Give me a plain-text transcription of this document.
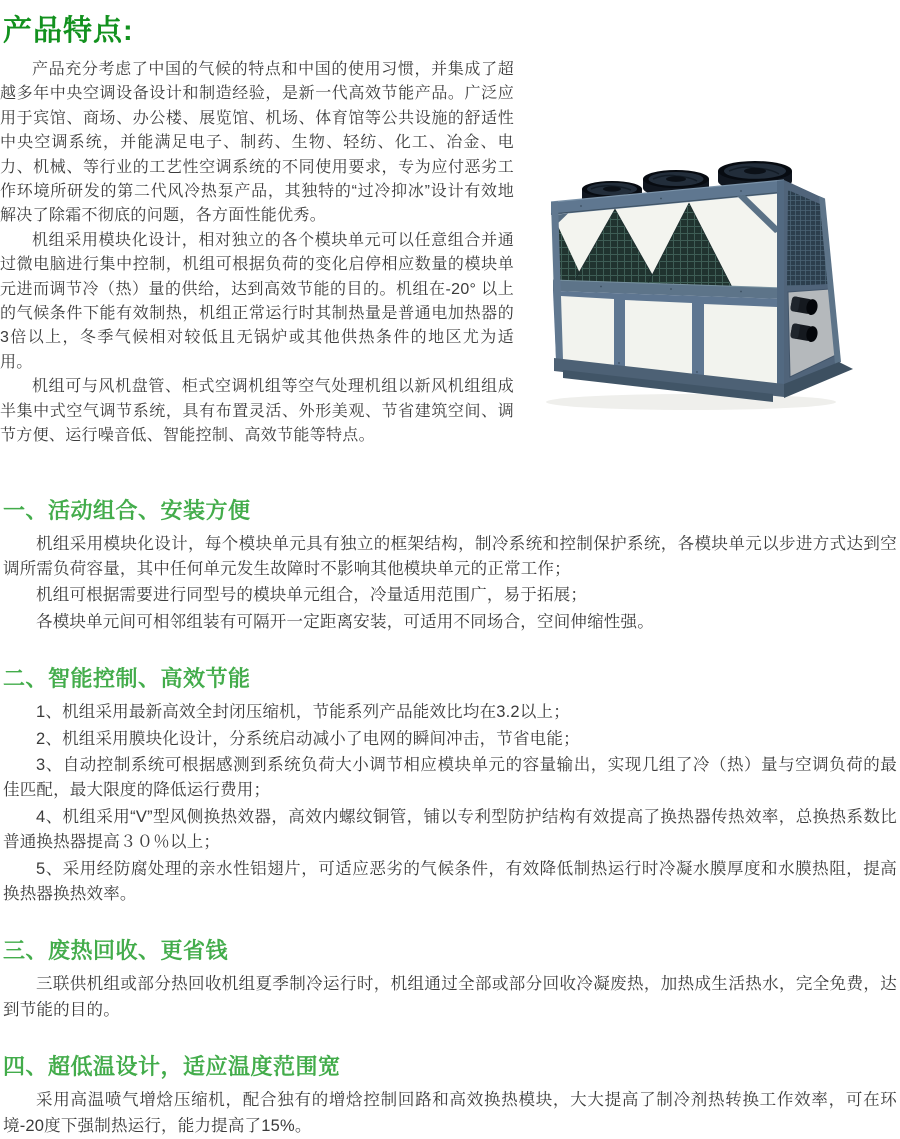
产品特点:

产品充分考虑了中国的气候的特点和中国的使用习惯，并集成了超越多年中央空调设备设计和制造经验，是新一代高效节能产品。广泛应用于宾馆、商场、办公楼、展览馆、机场、体育馆等公共设施的舒适性中央空调系统，并能满足电子、制药、生物、轻纺、化工、冶金、电力、机械、等行业的工艺性空调系统的不同使用要求，专为应付恶劣工作环境所研发的第二代风冷热泵产品，其独特的“过冷抑冰”设计有效地解决了除霜不彻底的问题，各方面性能优秀。

机组采用模块化设计，相对独立的各个模块单元可以任意组合并通过微电脑进行集中控制，机组可根据负荷的变化启停相应数量的模块单元进而调节冷（热）量的供给，达到高效节能的目的。机组在-20° 以上的气候条件下能有效制热，机组正常运行时其制热量是普通电加热器的3倍以上，冬季气候相对较低且无锅炉或其他供热条件的地区尤为适用。

机组可与风机盘管、柜式空调机组等空气处理机组以新风机组组成半集中式空气调节系统，具有布置灵活、外形美观、节省建筑空间、调节方便、运行噪音低、智能控制、高效节能等特点。

一、活动组合、安装方便

机组采用模块化设计，每个模块单元具有独立的框架结构，制冷系统和控制保护系统，各模块单元以步进方式达到空调所需负荷容量，其中任何单元发生故障时不影响其他模块单元的正常工作；

机组可根据需要进行同型号的模块单元组合，冷量适用范围广，易于拓展；

各模块单元间可相邻组装有可隔开一定距离安装，可适用不同场合，空间伸缩性强。

二、智能控制、高效节能

1、机组采用最新高效全封闭压缩机，节能系列产品能效比均在3.2以上；

2、机组采用膜块化设计，分系统启动减小了电网的瞬间冲击，节省电能；

3、自动控制系统可根据感测到系统负荷大小调节相应模块单元的容量输出，实现几组了冷（热）量与空调负荷的最佳匹配，最大限度的降低运行费用；

4、机组采用“V”型风侧换热效器，高效内螺纹铜管，铺以专利型防护结构有效提高了换热器传热效率，总换热系数比普通换热器提高３０％以上；

5、采用经防腐处理的亲水性铝翅片，可适应恶劣的气候条件，有效降低制热运行时冷凝水膜厚度和水膜热阻，提高换热器换热效率。

三、废热回收、更省钱

三联供机组或部分热回收机组夏季制冷运行时，机组通过全部或部分回收冷凝废热，加热成生活热水，完全免费，达到节能的目的。

四、超低温设计，适应温度范围宽

采用高温喷气增焓压缩机，配合独有的增焓控制回路和高效换热模块，大大提高了制冷剂热转换工作效率，可在环境-20度下强制热运行，能力提高了15%。
